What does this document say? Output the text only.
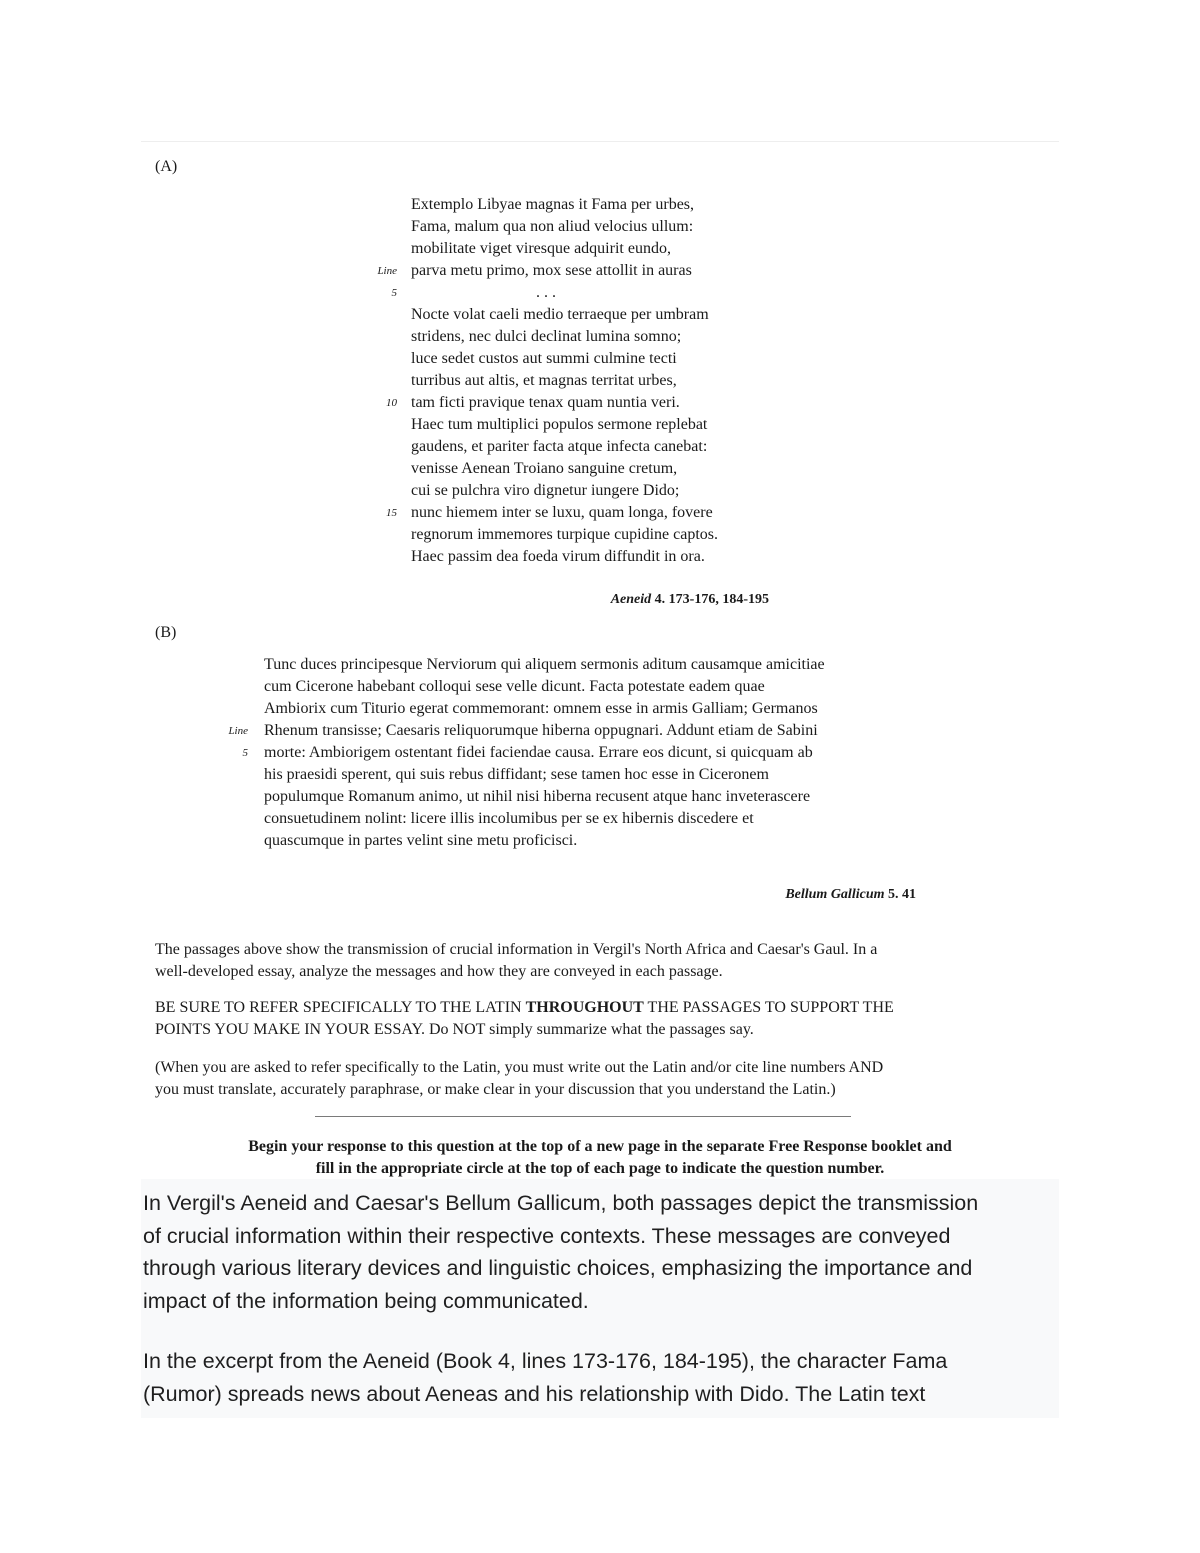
(A)
Extemplo Libyae magnas it Fama per urbes,
Fama, malum qua non aliud velocius ullum:
mobilitate viget viresque adquirit eundo,
Line parva metu primo, mox sese attollit in auras
5	. . .
Nocte volat caeli medio terraeque per umbram
stridens, nec dulci declinat lumina somno;
luce sedet custos aut summi culmine tecti
turribus aut altis, et magnas territat urbes,
10 tam ficti pravique tenax quam nuntia veri.
Haec tum multiplici populos sermone replebat
gaudens, et pariter facta atque infecta canebat:
venisse Aenean Troiano sanguine cretum,
cui se pulchra viro dignetur iungere Dido;
15 nunc hiemem inter se luxu, quam longa, fovere
regnorum immemores turpique cupidine captos.
Haec passim dea foeda virum diffundit in ora.
Aeneid 4. 173-176, 184-195
(B)
Tunc duces principesque Nerviorum qui aliquem sermonis aditum causamque amicitiae
cum Cicerone habebant colloqui sese velle dicunt. Facta potestate eadem quae
Ambiorix cum Titurio egerat commemorant: omnem esse in armis Galliam; Germanos
Line Rhenum transisse; Caesaris reliquorumque hiberna oppugnari. Addunt etiam de Sabini
5 morte: Ambiorigem ostentant fidei faciendae causa. Errare eos dicunt, si quicquam ab
his praesidi sperent, qui suis rebus diffidant; sese tamen hoc esse in Ciceronem
populumque Romanum animo, ut nihil nisi hiberna recusent atque hanc inveterascere
consuetudinem nolint: licere illis incolumibus per se ex hibernis discedere et
quascumque in partes velint sine metu proficisci.
Bellum Gallicum 5. 41
The passages above show the transmission of crucial information in Vergil's North Africa and Caesar's Gaul. In a
well-developed essay, analyze the messages and how they are conveyed in each passage.
BE SURE TO REFER SPECIFICALLY TO THE LATIN THROUGHOUT THE PASSAGES TO SUPPORT THE
POINTS YOU MAKE IN YOUR ESSAY. Do NOT simply summarize what the passages say.
(When you are asked to refer specifically to the Latin, you must write out the Latin and/or cite line numbers AND
you must translate, accurately paraphrase, or make clear in your discussion that you understand the Latin.)
Begin your response to this question at the top of a new page in the separate Free Response booklet and
fill in the appropriate circle at the top of each page to indicate the question number.
In Vergil's Aeneid and Caesar's Bellum Gallicum, both passages depict the transmission
of crucial information within their respective contexts. These messages are conveyed
through various literary devices and linguistic choices, emphasizing the importance and
impact of the information being communicated.
In the excerpt from the Aeneid (Book 4, lines 173-176, 184-195), the character Fama
(Rumor) spreads news about Aeneas and his relationship with Dido. The Latin text
